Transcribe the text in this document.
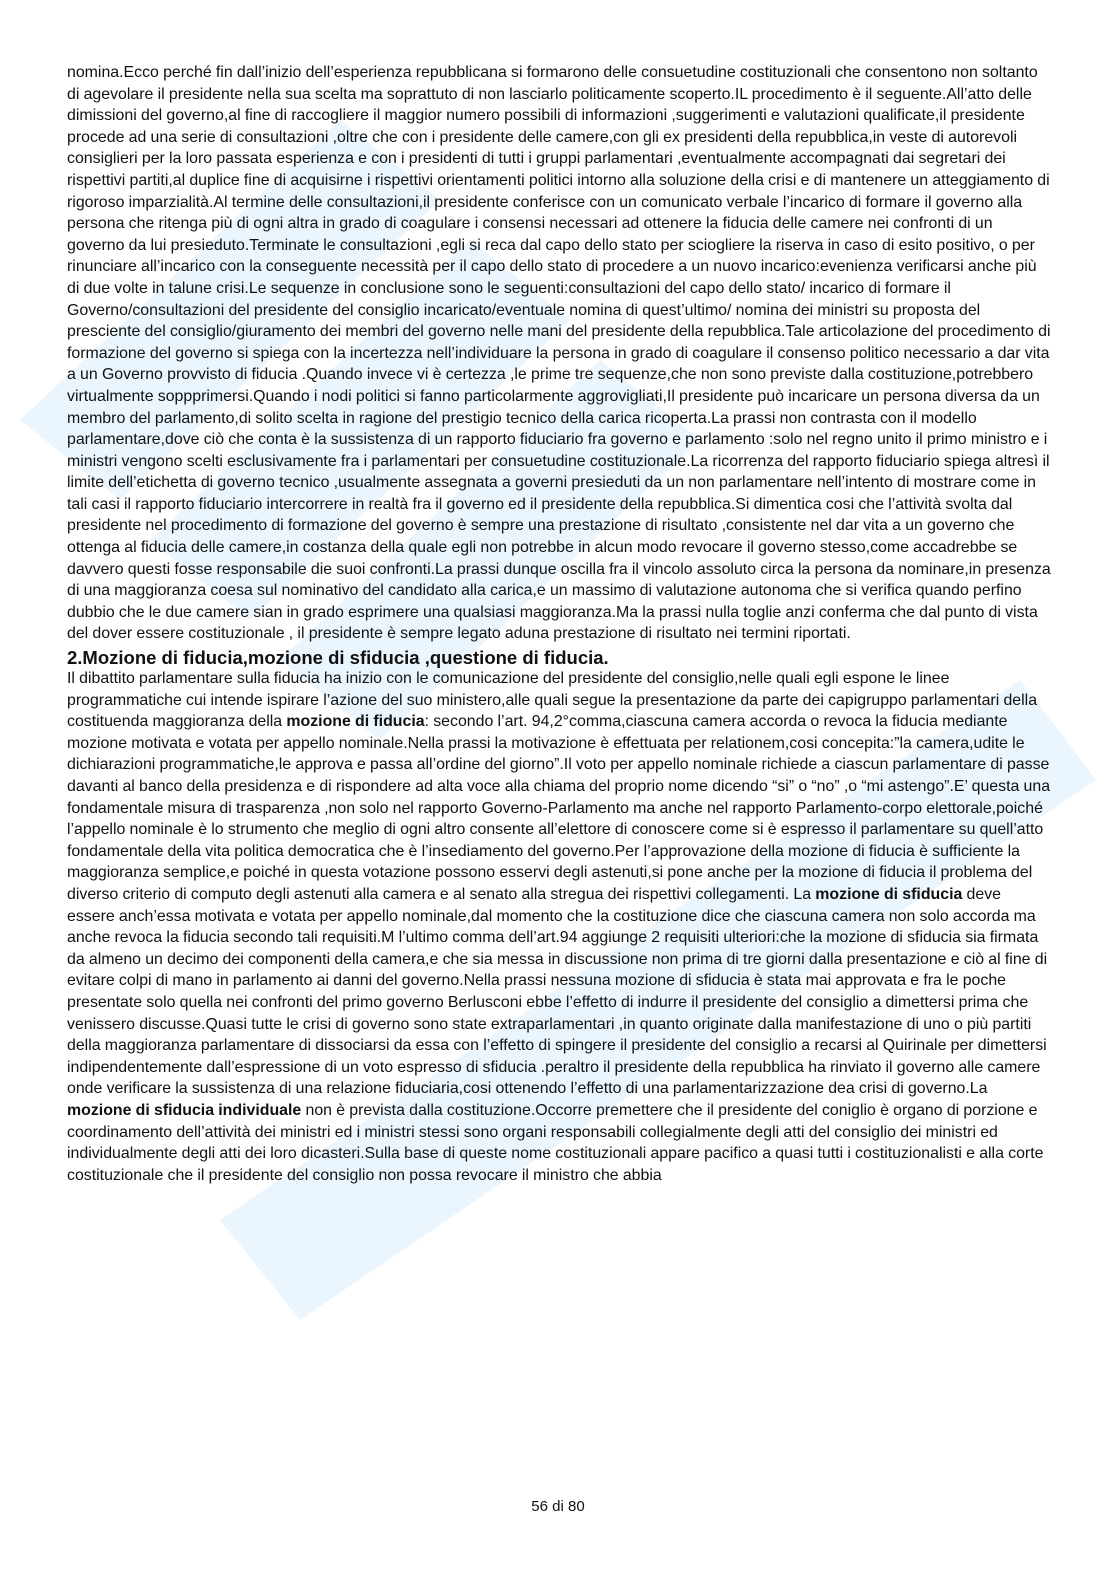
nomina.Ecco perché fin dall’inizio dell’esperienza repubblicana si formarono delle consuetudine costituzionali che consentono non soltanto di agevolare il presidente nella sua scelta ma soprattuto di non lasciarlo politicamente scoperto.IL procedimento è il seguente.All’atto delle dimissioni del governo,al fine di raccogliere il maggior numero possibili di informazioni ,suggerimenti e valutazioni qualificate,il presidente procede ad una serie di consultazioni ,oltre che con i presidente delle camere,con gli ex presidenti della repubblica,in veste di autorevoli consiglieri per la loro passata esperienza e con i presidenti di tutti i gruppi parlamentari ,eventualmente accompagnati dai segretari dei rispettivi partiti,al duplice fine di acquisirne i rispettivi orientamenti politici intorno alla soluzione della crisi e di mantenere un atteggiamento di rigoroso imparzialità.Al termine delle consultazioni,il presidente conferisce con un comunicato verbale l’incarico di formare il governo alla persona che ritenga più di ogni altra in grado di coagulare i consensi necessari ad ottenere la fiducia delle camere nei confronti di un governo da lui presieduto.Terminate le consultazioni ,egli si reca dal capo dello stato per sciogliere la riserva in caso di esito positivo, o per rinunciare all’incarico con la conseguente necessità per il capo dello stato di procedere a un nuovo incarico:evenienza verificarsi anche più di due volte in talune crisi.Le sequenze in conclusione sono le seguenti:consultazioni del capo dello stato/ incarico di formare il Governo/consultazioni del presidente del consiglio incaricato/eventuale nomina di quest’ultimo/ nomina dei ministri su proposta del presciente del consiglio/giuramento dei membri del governo nelle mani del presidente della repubblica.Tale articolazione del procedimento di formazione del governo si spiega con la incertezza nell’individuare la persona in grado di coagulare il consenso politico necessario a dar vita a un Governo provvisto di fiducia .Quando invece vi è certezza ,le prime tre sequenze,che non sono previste dalla costituzione,potrebbero virtualmente soppprimersi.Quando i nodi politici si fanno particolarmente aggrovigliati,Il presidente può incaricare un persona diversa da un membro del parlamento,di solito scelta in ragione del prestigio tecnico della carica ricoperta.La prassi non contrasta con il modello parlamentare,dove ciò che conta è la sussistenza di un rapporto fiduciario fra governo e parlamento :solo nel regno unito il primo ministro e i ministri vengono scelti esclusivamente fra i parlamentari per consuetudine costituzionale.La ricorrenza del rapporto fiduciario spiega altresì il limite dell’etichetta di governo tecnico ,usualmente assegnata a governi presieduti da un non parlamentare nell’intento di mostrare come in tali casi il rapporto fiduciario intercorrere in realtà fra il governo ed il presidente della repubblica.Si dimentica cosi che l’attività svolta dal presidente nel procedimento di formazione del governo è sempre una prestazione di risultato ,consistente nel dar vita a un governo che ottenga al fiducia delle camere,in costanza della quale egli non potrebbe in alcun modo revocare il governo stesso,come accadrebbe se davvero questi fosse responsabile die suoi confronti.La prassi dunque oscilla fra il vincolo assoluto circa la persona da nominare,in presenza di una maggioranza coesa sul nominativo del candidato alla carica,e un massimo di valutazione autonoma che si verifica quando perfino dubbio che le due camere sian in grado esprimere una qualsiasi maggioranza.Ma la prassi nulla toglie anzi conferma che dal punto di vista del dover essere costituzionale , il presidente è sempre legato aduna prestazione di risultato nei termini riportati.

2.Mozione di fiducia,mozione di sfiducia ,questione di fiducia.

Il dibattito parlamentare sulla fiducia ha inizio con le comunicazione del presidente del consiglio,nelle quali egli espone le linee programmatiche cui intende ispirare l’azione del suo ministero,alle quali segue la presentazione da parte dei capigruppo parlamentari della costituenda maggioranza della mozione di fiducia: secondo l’art. 94,2°comma,ciascuna camera accorda o revoca la fiducia mediante mozione motivata e votata per appello nominale.Nella prassi la motivazione è effettuata per relationem,cosi concepita:”la camera,udite le dichiarazioni programmatiche,le approva e passa all’ordine del giorno”.Il voto per appello nominale richiede a ciascun parlamentare di passe davanti al banco della presidenza e di rispondere ad alta voce alla chiama del proprio nome dicendo “si” o “no” ,o “mi astengo”.E’ questa una fondamentale misura di trasparenza ,non solo nel rapporto Governo-Parlamento ma anche nel rapporto Parlamento-corpo elettorale,poiché l’appello nominale è lo strumento che meglio di ogni altro consente all’elettore di conoscere come si è espresso il parlamentare su quell’atto fondamentale della vita politica democratica che è l’insediamento del governo.Per l’approvazione della mozione di fiducia è sufficiente la maggioranza semplice,e poiché in questa votazione possono esservi degli astenuti,si pone anche per la mozione di fiducia il problema del diverso criterio di computo degli astenuti alla camera e al senato alla stregua dei rispettivi collegamenti. La mozione di sfiducia deve essere anch’essa motivata e votata per appello nominale,dal momento che la costituzione dice che ciascuna camera non solo accorda ma anche revoca la fiducia secondo tali requisiti.M l’ultimo comma dell’art.94 aggiunge 2 requisiti ulteriori:che la mozione di sfiducia sia firmata da almeno un decimo dei componenti della camera,e che sia messa in discussione non prima di tre giorni dalla presentazione e ciò al fine di evitare colpi di mano in parlamento ai danni del governo.Nella prassi nessuna mozione di sfiducia è stata mai approvata e fra le poche presentate solo quella nei confronti del primo governo Berlusconi ebbe l’effetto di indurre il presidente del consiglio a dimettersi prima che venissero discusse.Quasi tutte le crisi di governo sono state extraparlamentari ,in quanto originate dalla manifestazione di uno o più partiti della maggioranza parlamentare di dissociarsi da essa con l’effetto di spingere il presidente del consiglio a recarsi al Quirinale per dimettersi indipendentemente dall’espressione di un voto espresso di sfiducia .peraltro il presidente della repubblica ha rinviato il governo alle camere onde verificare la sussistenza di una relazione fiduciaria,cosi ottenendo l’effetto di una parlamentarizzazione dea crisi di governo.La mozione di sfiducia individuale non è prevista dalla costituzione.Occorre premettere che il presidente del coniglio è organo di porzione e coordinamento dell’attività dei ministri ed i ministri stessi sono organi responsabili collegialmente degli atti del consiglio dei ministri ed individualmente degli atti dei loro dicasteri.Sulla base di queste nome costituzionali appare pacifico a quasi tutti i costituzionalisti e alla corte costituzionale che il presidente del consiglio non possa revocare il ministro che abbia

56 di 80
